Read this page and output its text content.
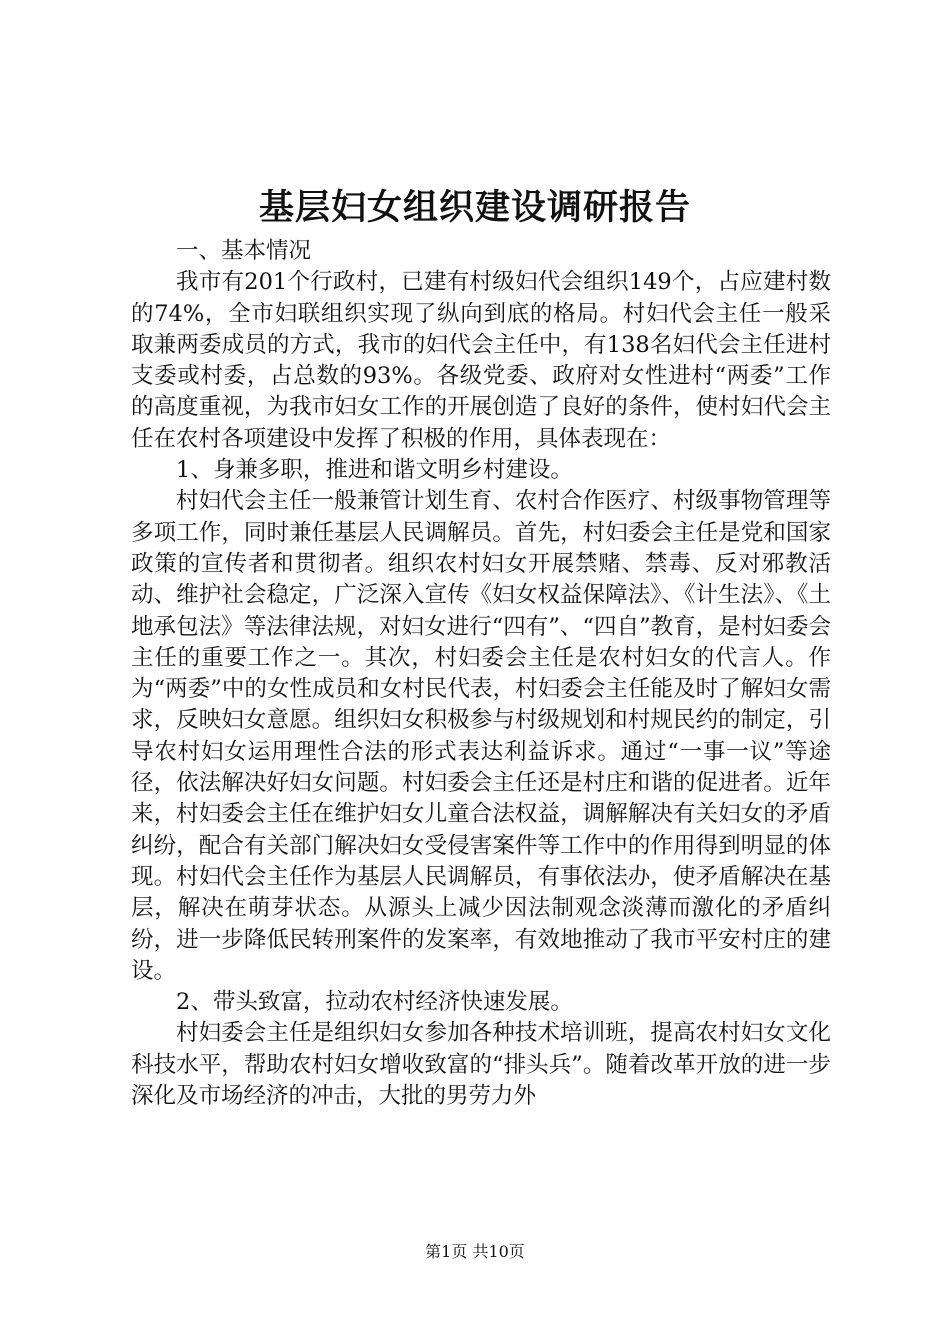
基层妇女组织建设调研报告

一、基本情况

我市有201个行政村，已建有村级妇代会组织149个，占应建村数的74%，全市妇联组织实现了纵向到底的格局。村妇代会主任一般采取兼两委成员的方式，我市的妇代会主任中，有138名妇代会主任进村支委或村委，占总数的93%。各级党委、政府对女性进村“两委”工作的高度重视，为我市妇女工作的开展创造了良好的条件，使村妇代会主任在农村各项建设中发挥了积极的作用，具体表现在：

1、身兼多职，推进和谐文明乡村建设。

村妇代会主任一般兼管计划生育、农村合作医疗、村级事物管理等多项工作，同时兼任基层人民调解员。首先，村妇委会主任是党和国家政策的宣传者和贯彻者。组织农村妇女开展禁赌、禁毒、反对邪教活动、维护社会稳定，广泛深入宣传《妇女权益保障法》、《计生法》、《土地承包法》等法律法规，对妇女进行“四有”、“四自”教育，是村妇委会主任的重要工作之一。其次，村妇委会主任是农村妇女的代言人。作为“两委”中的女性成员和女村民代表，村妇委会主任能及时了解妇女需求，反映妇女意愿。组织妇女积极参与村级规划和村规民约的制定，引导农村妇女运用理性合法的形式表达利益诉求。通过“一事一议”等途径，依法解决好妇女问题。村妇委会主任还是村庄和谐的促进者。近年来，村妇委会主任在维护妇女儿童合法权益，调解解决有关妇女的矛盾纠纷，配合有关部门解决妇女受侵害案件等工作中的作用得到明显的体现。村妇代会主任作为基层人民调解员，有事依法办，使矛盾解决在基层，解决在萌芽状态。从源头上减少因法制观念淡薄而激化的矛盾纠纷，进一步降低民转刑案件的发案率，有效地推动了我市平安村庄的建设。

2、带头致富，拉动农村经济快速发展。

村妇委会主任是组织妇女参加各种技术培训班，提高农村妇女文化科技水平，帮助农村妇女增收致富的“排头兵”。随着改革开放的进一步深化及市场经济的冲击，大批的男劳力外

第1页 共10页
